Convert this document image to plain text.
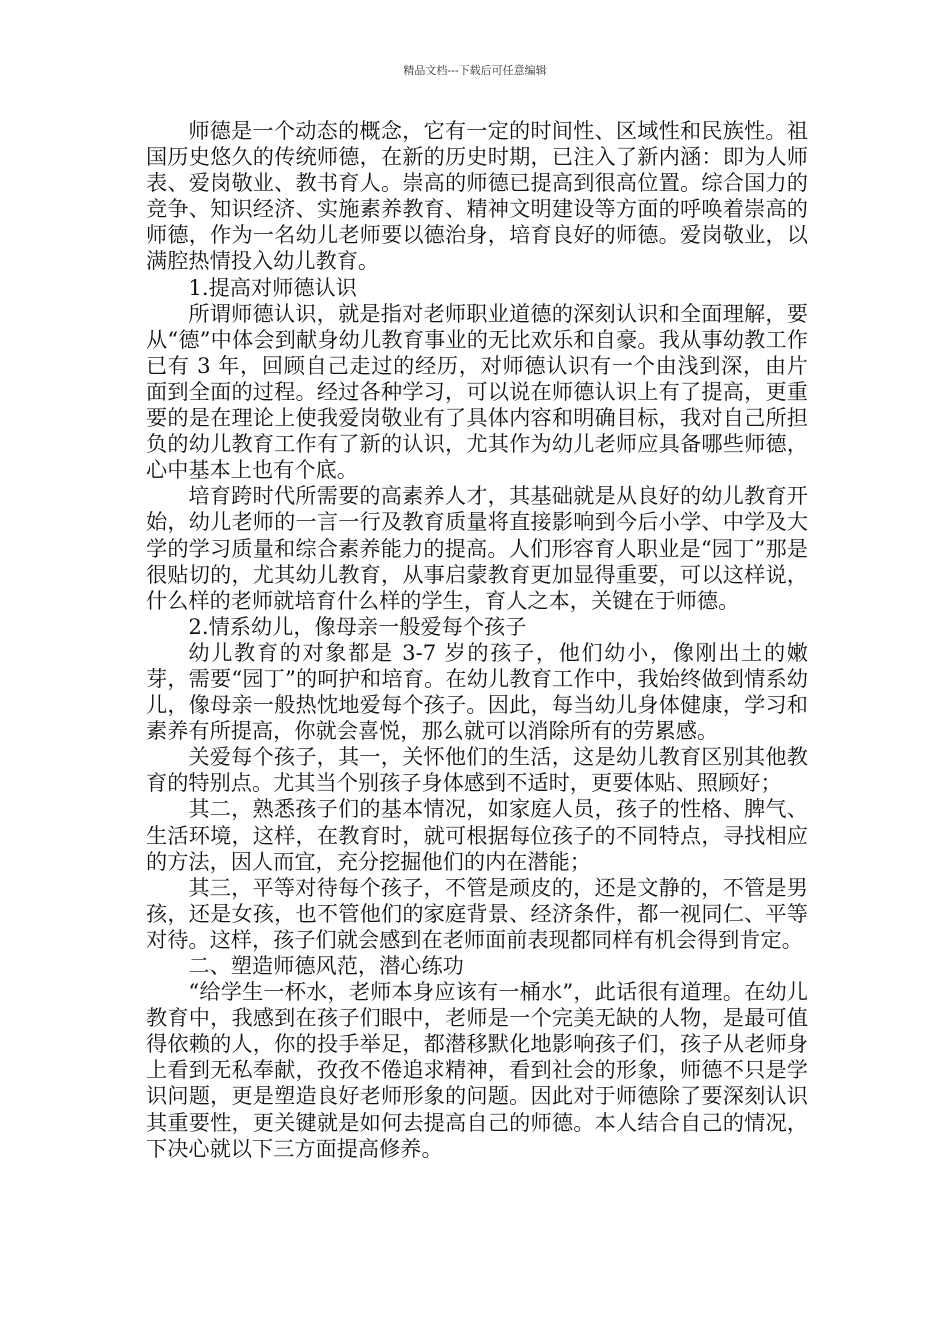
精品文档---下载后可任意编辑

师德是一个动态的概念，它有一定的时间性、区域性和民族性。祖国历史悠久的传统师德，在新的历史时期，已注入了新内涵：即为人师表、爱岗敬业、教书育人。崇高的师德已提高到很高位置。综合国力的竞争、知识经济、实施素养教育、精神文明建设等方面的呼唤着崇高的师德，作为一名幼儿老师要以德治身，培育良好的师德。爱岗敬业，以满腔热情投入幼儿教育。

1.提高对师德认识

所谓师德认识，就是指对老师职业道德的深刻认识和全面理解，要从“德”中体会到献身幼儿教育事业的无比欢乐和自豪。我从事幼教工作已有 3 年，回顾自己走过的经历，对师德认识有一个由浅到深，由片面到全面的过程。经过各种学习，可以说在师德认识上有了提高，更重要的是在理论上使我爱岗敬业有了具体内容和明确目标，我对自己所担负的幼儿教育工作有了新的认识，尤其作为幼儿老师应具备哪些师德，心中基本上也有个底。

培育跨时代所需要的高素养人才，其基础就是从良好的幼儿教育开始，幼儿老师的一言一行及教育质量将直接影响到今后小学、中学及大学的学习质量和综合素养能力的提高。人们形容育人职业是“园丁”那是很贴切的，尤其幼儿教育，从事启蒙教育更加显得重要，可以这样说，什么样的老师就培育什么样的学生，育人之本，关键在于师德。

2.情系幼儿，像母亲一般爱每个孩子

幼儿教育的对象都是 3-7 岁的孩子，他们幼小，像刚出土的嫩芽，需要“园丁”的呵护和培育。在幼儿教育工作中，我始终做到情系幼儿，像母亲一般热忱地爱每个孩子。因此，每当幼儿身体健康，学习和素养有所提高，你就会喜悦，那么就可以消除所有的劳累感。

关爱每个孩子，其一，关怀他们的生活，这是幼儿教育区别其他教育的特别点。尤其当个别孩子身体感到不适时，更要体贴、照顾好；

其二，熟悉孩子们的基本情况，如家庭人员，孩子的性格、脾气、生活环境，这样，在教育时，就可根据每位孩子的不同特点，寻找相应的方法，因人而宜，充分挖掘他们的内在潜能；

其三，平等对待每个孩子，不管是顽皮的，还是文静的，不管是男孩，还是女孩，也不管他们的家庭背景、经济条件，都一视同仁、平等对待。这样，孩子们就会感到在老师面前表现都同样有机会得到肯定。

二、塑造师德风范，潜心练功

“给学生一杯水，老师本身应该有一桶水”，此话很有道理。在幼儿教育中，我感到在孩子们眼中，老师是一个完美无缺的人物，是最可值得依赖的人，你的投手举足，都潜移默化地影响孩子们，孩子从老师身上看到无私奉献，孜孜不倦追求精神，看到社会的形象，师德不只是学识问题，更是塑造良好老师形象的问题。因此对于师德除了要深刻认识其重要性，更关键就是如何去提高自己的师德。本人结合自己的情况，下决心就以下三方面提高修养。
